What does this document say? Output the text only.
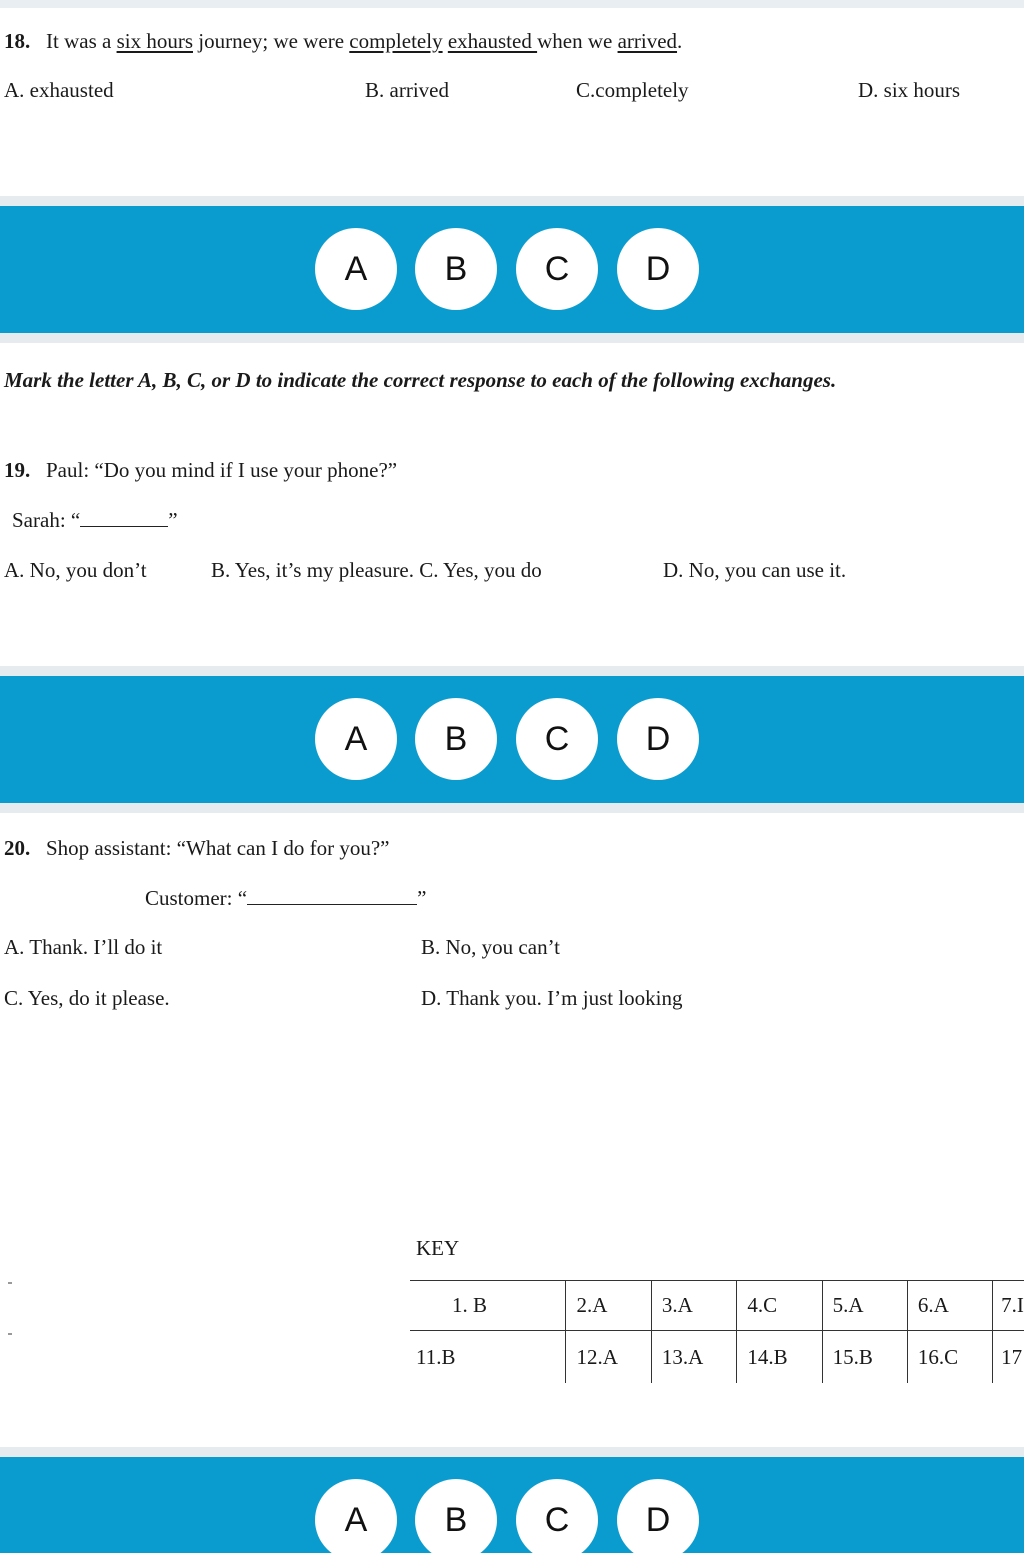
18. It was a six hours journey; we were completely exhausted when we arrived.
A. exhausted	B. arrived	C.completely	D. six hours
A	B	C	D
Mark the letter A, B, C, or D to indicate the correct response to each of the following exchanges.
19. Paul: “Do you mind if I use your phone?”
Sarah: “	”
A. No, you don’t	B. Yes, it’s my pleasure. C. Yes, you do	D. No, you can use it.
A	B	C	D
20. Shop assistant: “What can I do for you?”
Customer: “	”
A. Thank. I’ll do it	B. No, you can’t
C. Yes, do it please.	D. Thank you. I’m just looking
KEY
1. B	2.A	3.A	4.C	5.A	6.A	7.I
11.B	12.A	13.A	14.B	15.B	16.C	17
A	B	C	D
